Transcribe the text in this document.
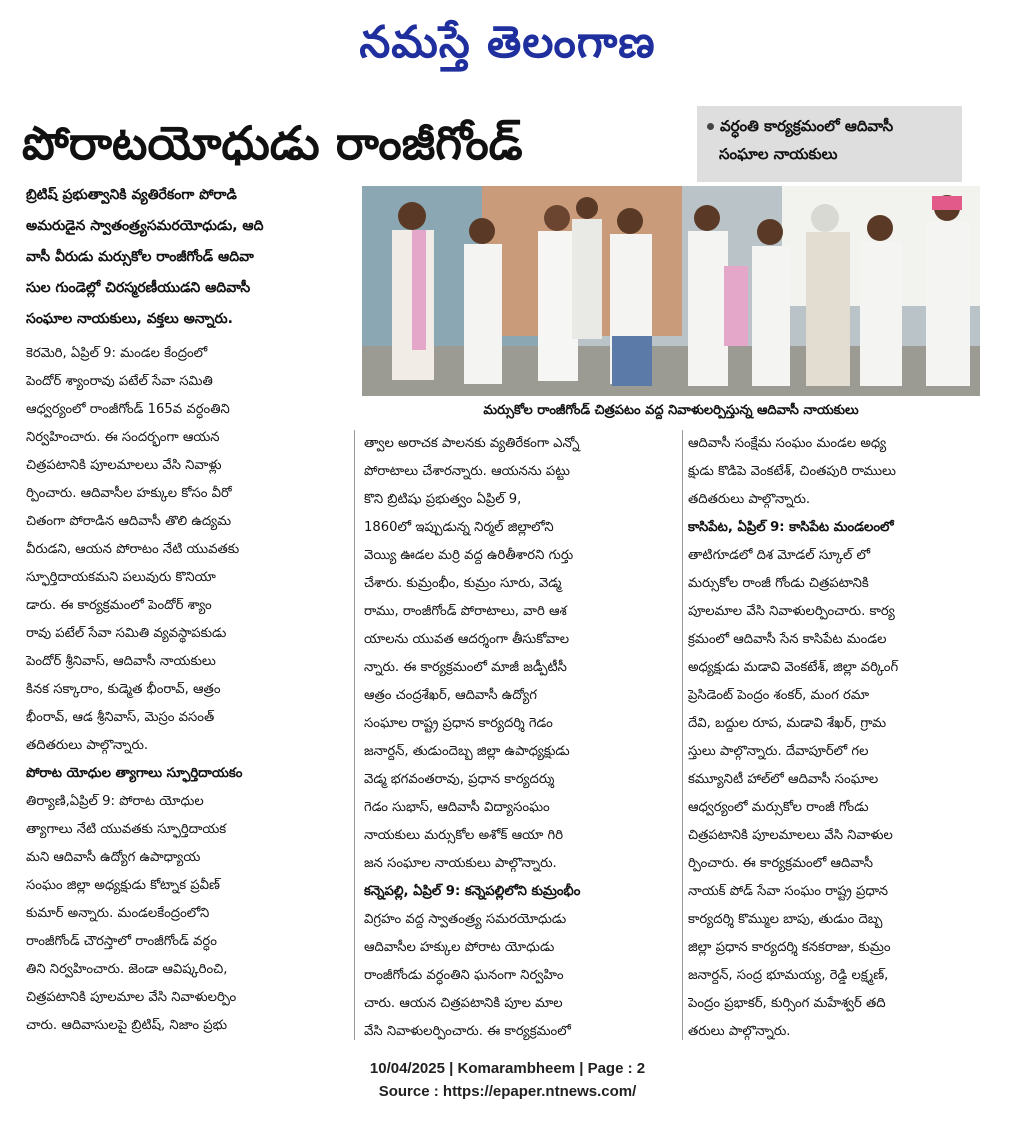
నమస్తే తెలంగాణ
పోరాటయోధుడు రాంజీగోండ్	వర్ధంతి కార్యక్రమంలో ఆదివాసీ
సంఘాల నాయకులు
బ్రిటిష్ ప్రభుత్వానికి వ్యతిరేకంగా పోరాడి
అమరుడైన స్వాతంత్ర్యసమరయోధుడు, ఆది
వాసీ వీరుడు మర్సుకోల రాంజీగోండ్ ఆదివా
సుల గుండెల్లో చిరస్మరణీయుడని ఆదివాసీ
సంఘాల నాయకులు, వక్తలు అన్నారు.
మర్సుకోల రాంజీగోండ్ చిత్రపటం వద్ద నివాళులర్పిస్తున్న ఆదివాసీ నాయకులు
కెరమెరి, ఏప్రిల్ 9: మండల కేంద్రంలో
పెందోర్ శ్యాంరావు పటేల్ సేవా సమితి
ఆధ్వర్యంలో రాంజీగోండ్ 165వ వర్ధంతిని
నిర్వహించారు. ఈ సందర్భంగా ఆయన
చిత్రపటానికి పూలమాలలు వేసి నివాళ్లు
ర్పించారు. ఆదివాసీల హక్కుల కోసం వీరో
చితంగా పోరాడిన ఆదివాసీ తొలి ఉద్యమ
వీరుడని, ఆయన పోరాటం నేటి యువతకు
స్ఫూర్తిదాయకమని పలువురు కొనియా
డారు. ఈ కార్యక్రమంలో పెందోర్ శ్యాం
రావు పటేల్ సేవా సమితి వ్యవస్థాపకుడు
పెందోర్ శ్రీనివాస్, ఆదివాసీ నాయకులు
కినక సక్కారాం, కుడ్మెత భీంరావ్, ఆత్రం
భీంరావ్, ఆడ శ్రీనివాస్, మెస్రం వసంత్
తదితరులు పాల్గొన్నారు.
పోరాట యోధుల త్యాగాలు స్ఫూర్తిదాయకం
తిర్యాణి,ఏప్రిల్ 9: పోరాట యోధుల
త్యాగాలు నేటి యువతకు స్ఫూర్తిదాయక
మని ఆదివాసీ ఉద్యోగ ఉపాధ్యాయ
సంఘం జిల్లా అధ్యక్షుడు కోట్నాక ప్రవీణ్
కుమార్ అన్నారు. మండలకేంద్రంలోని
రాంజీగోండ్ చౌరస్తాలో రాంజీగోండ్ వర్ధం
తిని నిర్వహించారు. జెండా ఆవిష్కరించి,
చిత్రపటానికి పూలమాల వేసి నివాళులర్పిం
చారు. ఆదివాసులపై బ్రిటిష్, నిజాం ప్రభు
త్వాల అరాచక పాలనకు వ్యతిరేకంగా ఎన్నో
పోరాటాలు చేశారన్నారు. ఆయనను పట్టు
కొని బ్రిటిషు ప్రభుత్వం ఏప్రిల్ 9,
1860లో ఇప్పుడున్న నిర్మల్ జిల్లాలోని
వెయ్యి ఊడల మర్రి వద్ద ఉరితీశారని గుర్తు
చేశారు. కుమ్రంభీం, కుమ్రం సూరు, వెడ్మ
రాము, రాంజీగోండ్ పోరాటాలు, వారి ఆశ
యాలను యువత ఆదర్శంగా తీసుకోవాల
న్నారు. ఈ కార్యక్రమంలో మాజీ జడ్పీటీసీ
ఆత్రం చంద్రశేఖర్, ఆదివాసీ ఉద్యోగ
సంఘాల రాష్ట్ర ప్రధాన కార్యదర్శి గెడం
జనార్దన్, తుడుందెబ్బ జిల్లా ఉపాధ్యక్షుడు
వెడ్మ భగవంతరావు, ప్రధాన కార్యదర్శు
గెడం సుభాస్, ఆదివాసీ విద్యాసంఘం
నాయకులు మర్సుకోల అశోక్ ఆయా గిరి
జన సంఘాల నాయకులు పాల్గొన్నారు.
కన్నెపల్లి, ఏప్రిల్ 9: కన్నెపల్లిలోని కుమ్రంభీం
విగ్రహం వద్ద స్వాతంత్ర్య సమరయోధుడు
ఆదివాసీల హక్కుల పోరాట యోధుడు
రాంజీగోండు వర్ధంతిని ఘనంగా నిర్వహిం
చారు. ఆయన చిత్రపటానికి పూల మాల
వేసి నివాళులర్పించారు. ఈ కార్యక్రమంలో
ఆదివాసీ సంక్షేమ సంఘం మండల అధ్య
క్షుడు కొడిపె వెంకటేశ్, చింతపురి రాములు
తదితరులు పాల్గొన్నారు.
కాసిపేట, ఏప్రిల్ 9: కాసిపేట మండలంలో
తాటిగూడలో దిశ మోడల్ స్కూల్ లో
మర్సుకోల రాంజీ గోండు చిత్రపటానికి
పూలమాల వేసి నివాళులర్పించారు. కార్య
క్రమంలో ఆదివాసీ సేన కాసిపేట మండల
అధ్యక్షుడు మడావి వెంకటేశ్, జిల్లా వర్కింగ్
ప్రెసిడెంట్ పెంద్రం శంకర్, మంగ రమా
దేవి, బద్దుల రూప, మడావి శేఖర్, గ్రామ
స్తులు పాల్గొన్నారు. దేవాపూర్‌లో గల
కమ్యూనిటీ హాల్‌లో ఆదివాసీ సంఘాల
ఆధ్వర్యంలో మర్సుకోల రాంజీ గోండు
చిత్రపటానికి పూలమాలలు వేసి నివాళుల
ర్పించారు. ఈ కార్యక్రమంలో ఆదివాసీ
నాయక్ పోడ్ సేవా సంఘం రాష్ట్ర ప్రధాన
కార్యదర్శి కొమ్ముల బాపు, తుడుం దెబ్బ
జిల్లా ప్రధాన కార్యదర్శి కనకరాజు, కుమ్రం
జనార్దన్, సంద్ర భూమయ్య, రెడ్డి లక్ష్మణ్,
పెంద్రం ప్రభాకర్, కుర్సింగ మహేశ్వర్ తది
తరులు పాల్గొన్నారు.
10/04/2025 | Komarambheem | Page : 2
Source : https://epaper.ntnews.com/
